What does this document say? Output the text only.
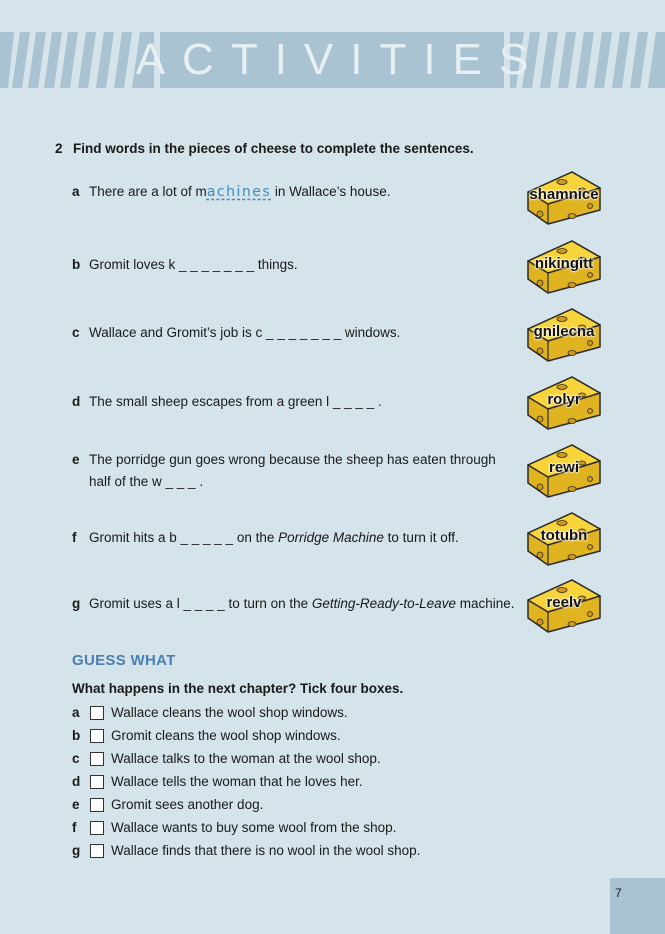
ACTIVITIES
2 Find words in the pieces of cheese to complete the sentences.
a There are a lot of machines in Wallace’s house.
b Gromit loves k _ _ _ _ _ _ _ things.
c Wallace and Gromit’s job is c _ _ _ _ _ _ _ windows.
d The small sheep escapes from a green l _ _ _ _ .
e The porridge gun goes wrong because the sheep has eaten through
half of the w _ _ _ .
f Gromit hits a b _ _ _ _ _ on the Porridge Machine to turn it off.
g Gromit uses a l _ _ _ _ to turn on the Getting-Ready-to-Leave machine.
shamnice
nikingitt
gnilecna
rolyr
rewi
totubn
reelv
GUESS WHAT
What happens in the next chapter? Tick four boxes.
a Wallace cleans the wool shop windows.
b Gromit cleans the wool shop windows.
c Wallace talks to the woman at the wool shop.
d Wallace tells the woman that he loves her.
e Gromit sees another dog.
f	Wallace wants to buy some wool from the shop.
g Wallace finds that there is no wool in the wool shop.
7
